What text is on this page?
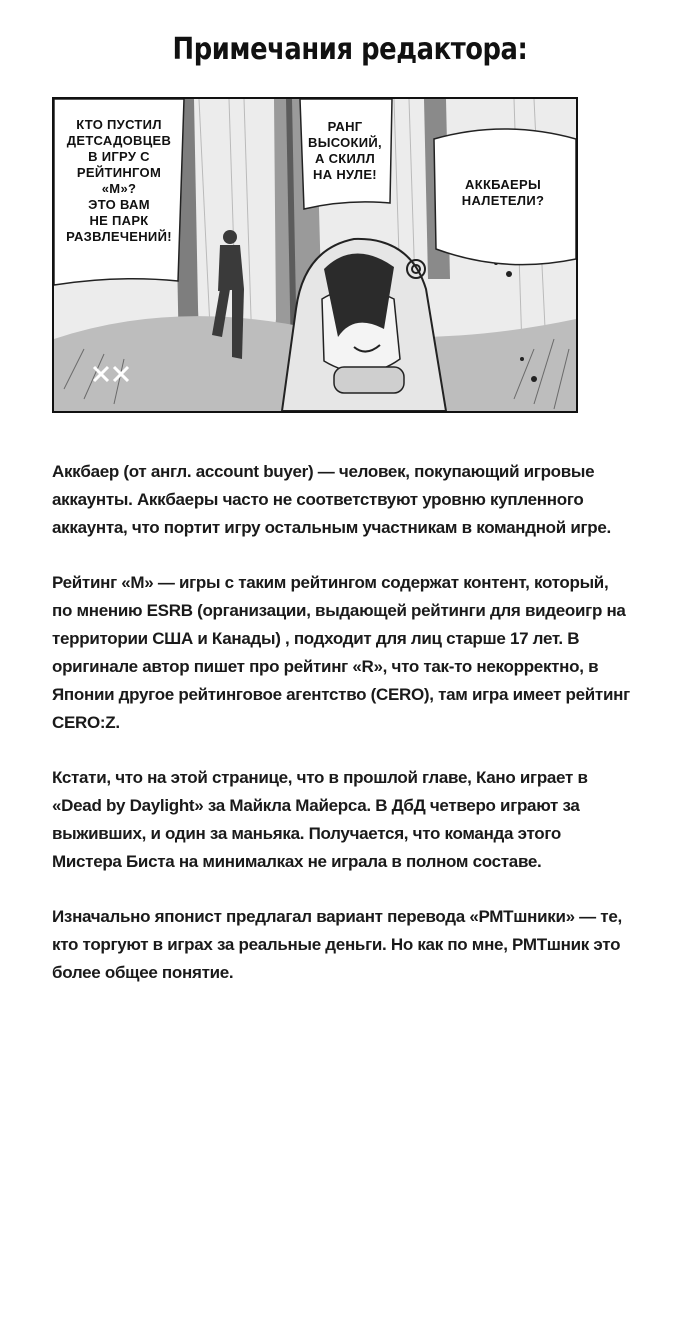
Примечания редактора:
КТО ПУСТИЛ
ДЕТСАДОВЦЕВ
В ИГРУ С
РЕЙТИНГОМ
«М»?
ЭТО ВАМ
НЕ ПАРК
РАЗВЛЕЧЕНИЙ!
РАНГ
ВЫСОКИЙ,
А СКИЛЛ
НА НУЛЕ!
АККБАЕРЫ
НАЛЕТЕЛИ?

Аккбаер (от англ. account buyer) — человек, покупающий игровые аккаунты. Аккбаеры часто не соответствуют уровню купленного аккаунта, что портит игру остальным участникам в командной игре.

Рейтинг «M» — игры с таким рейтингом содержат контент, который, по мнению ESRB (организации, выдающей рейтинги для видеоигр на территории США и Канады) , подходит для лиц старше 17 лет. В оригинале автор пишет про рейтинг «R», что так-то некорректно, в Японии другое рейтинговое агентство (CERO), там игра имеет рейтинг CERO:Z.

Кстати, что на этой странице, что в прошлой главе, Кано играет в «Dead by Daylight» за Майкла Майерса. В ДбД четверо играют за выживших, и один за маньяка. Получается, что команда этого Мистера Биста на минималках не играла в полном составе.

Изначально японист предлагал вариант перевода «РМТшники» — те, кто торгуют в играх за реальные деньги. Но как по мне, РМТшник это более общее понятие.
